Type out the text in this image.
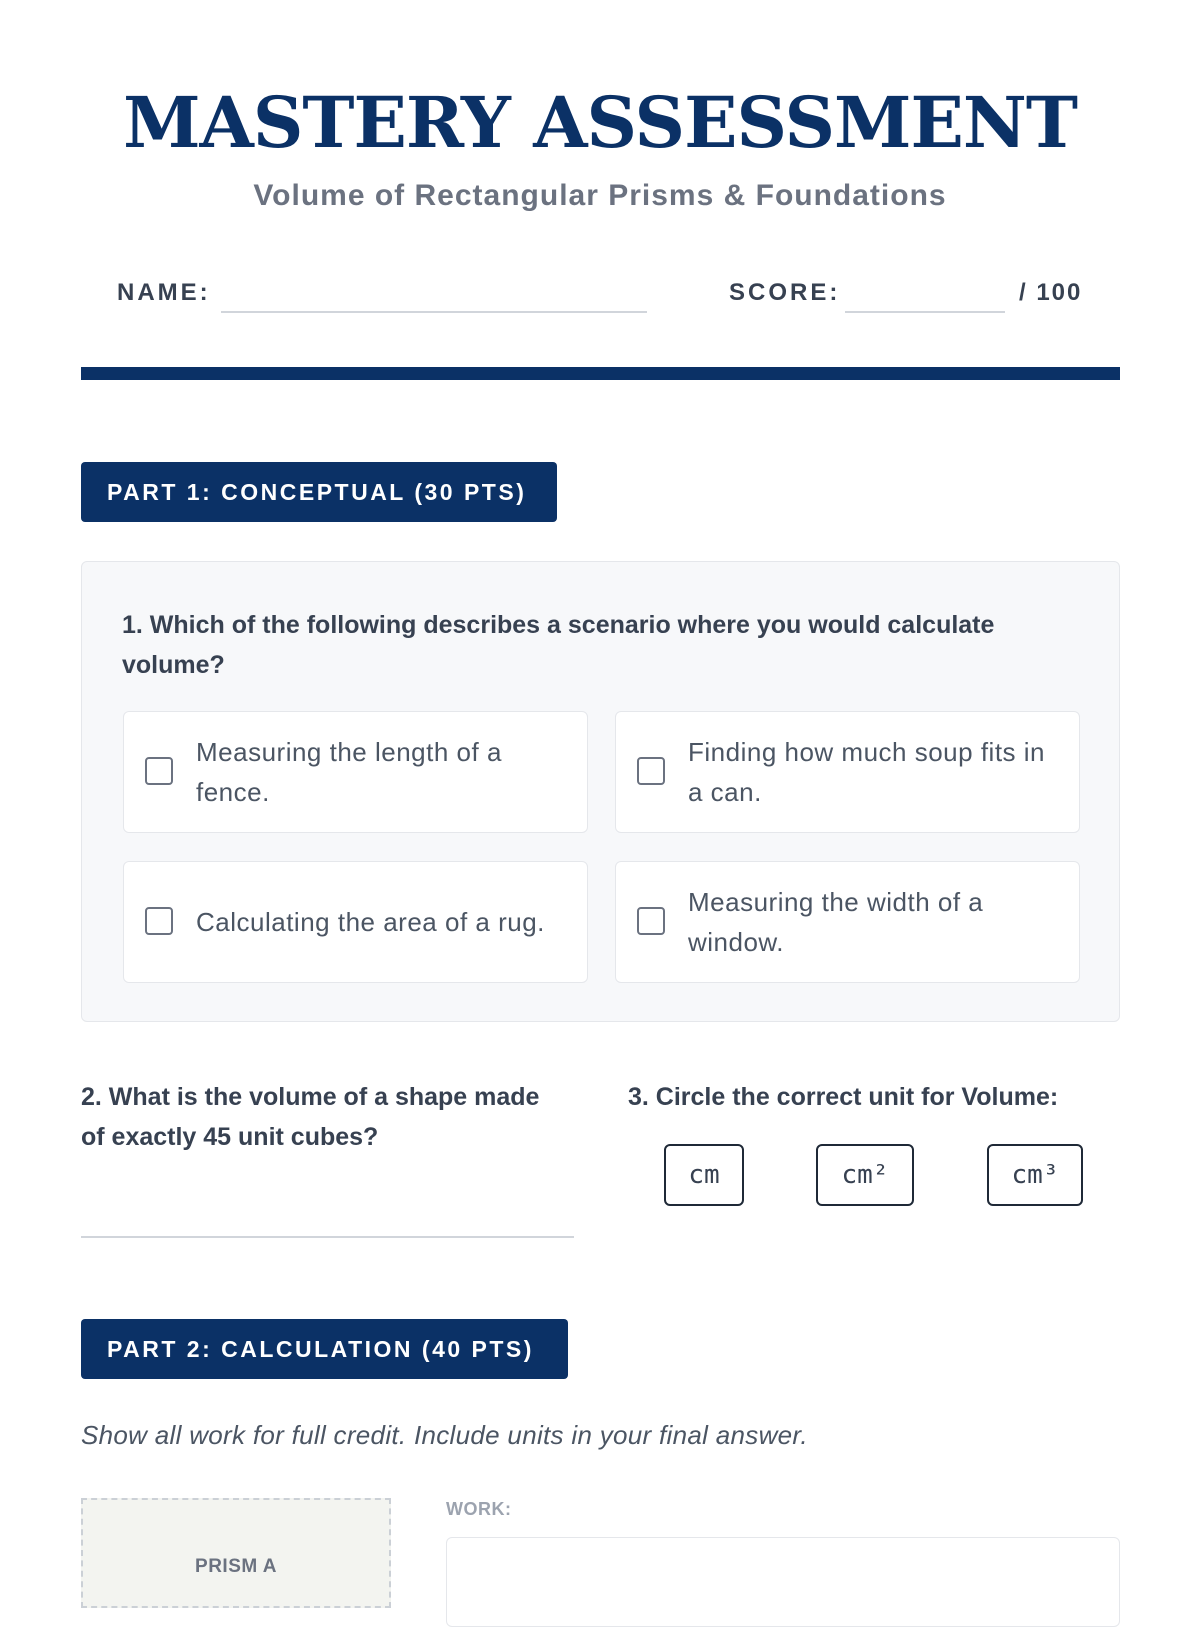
MASTERY ASSESSMENT
Volume of Rectangular Prisms & Foundations
NAME:	SCORE:	/ 100
PART 1: CONCEPTUAL (30 PTS)
1. Which of the following describes a scenario where you would calculate volume?
Measuring the length of a fence.
Finding how much soup fits in a can.
Calculating the area of a rug.
Measuring the width of a window.
2. What is the volume of a shape made of exactly 45 unit cubes?
3. Circle the correct unit for Volume:
cm	cm²	cm³
PART 2: CALCULATION (40 PTS)
Show all work for full credit. Include units in your final answer.
PRISM A
WORK:
